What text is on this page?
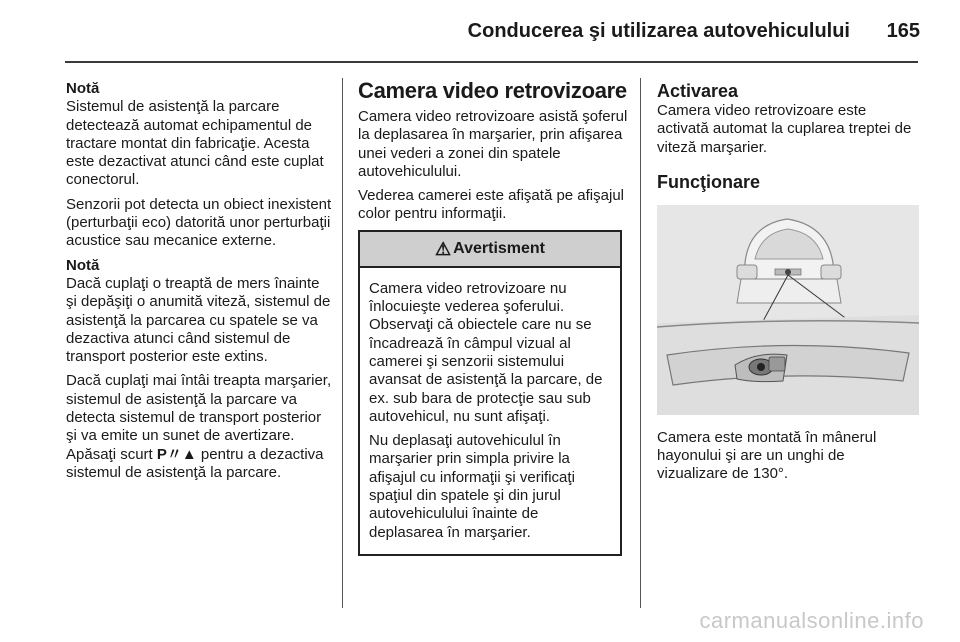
Conducerea şi utilizarea autovehiculului 165
Notă
Sistemul de asistenţă la parcare detectează automat echipamentul de tractare montat din fabricaţie. Acesta este dezactivat atunci când este cuplat conectorul.

Senzorii pot detecta un obiect inexistent (perturbaţii eco) datorită unor perturbaţii acustice sau mecanice externe.

Notă
Dacă cuplaţi o treaptă de mers înainte şi depăşiţi o anumită viteză, sistemul de asistenţă la parcarea cu spatele se va dezactiva atunci când sistemul de transport posterior este extins.

Dacă cuplaţi mai întâi treapta marşarier, sistemul de asistenţă la parcare va detecta sistemul de transport posterior şi va emite un sunet de avertizare. Apăsaţi scurt P〃▲ pentru a dezactiva sistemul de asistenţă la parcare.

Camera video retrovizoare

Camera video retrovizoare asistă şoferul la deplasarea în marşarier, prin afişarea unei vederi a zonei din spatele autovehiculului.

Vederea camerei este afişată pe afişajul color pentru informaţii.

⚠ Avertisment

Camera video retrovizoare nu înlocuieşte vederea şoferului. Observaţi că obiectele care nu se încadrează în câmpul vizual al camerei şi senzorii sistemului avansat de asistenţă la parcare, de ex. sub bara de protecţie sau sub autovehicul, nu sunt afişaţi.

Nu deplasaţi autovehiculul în marşarier prin simpla privire la afişajul cu informaţii şi verificaţi spaţiul din spatele şi din jurul autovehiculului înainte de deplasarea în marşarier.

Activarea

Camera video retrovizoare este activată automat la cuplarea treptei de viteză marşarier.

Funcţionare

Camera este montată în mânerul hayonului şi are un unghi de vizualizare de 130°.

carmanualsonline.info
